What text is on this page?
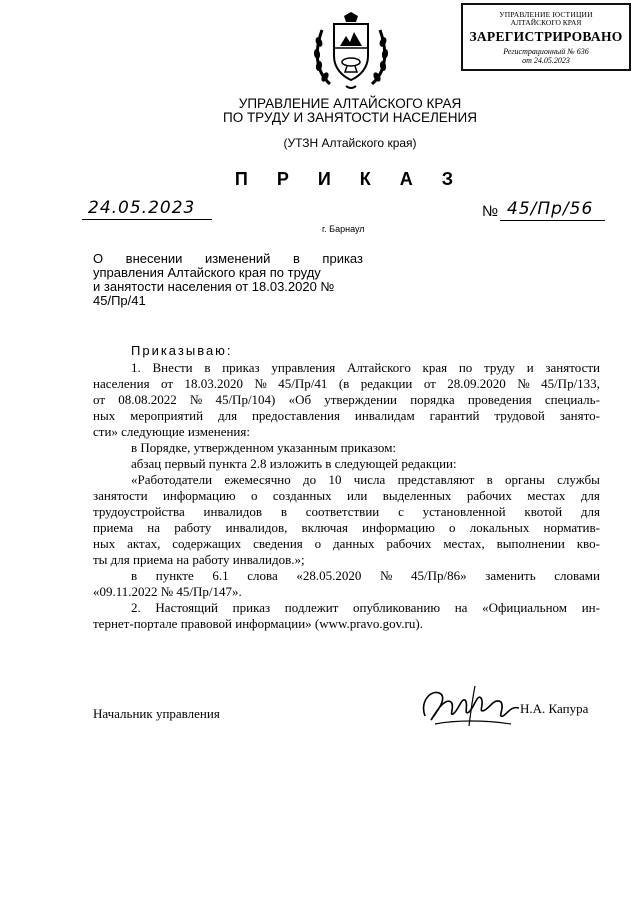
УПРАВЛЕНИЕ ЮСТИЦИИ
АЛТАЙСКОГО КРАЯ
ЗАРЕГИСТРИРОВАНО
Регистрационный № 636
от 24.05.2023
УПРАВЛЕНИЕ АЛТАЙСКОГО КРАЯ
ПО ТРУДУ И ЗАНЯТОСТИ НАСЕЛЕНИЯ
(УТЗН Алтайского края)
П Р И К А З
24.05.2023	№ 45/Пр/56
г. Барнаул
О внесении изменений в приказ
управления Алтайского края по труду
и занятости населения от 18.03.2020 №
45/Пр/41
Приказываю:
1. Внести в приказ управления Алтайского края по труду и занятости
населения от 18.03.2020 № 45/Пр/41 (в редакции от 28.09.2020 № 45/Пр/133,
от 08.08.2022 № 45/Пр/104) «Об утверждении порядка проведения специаль-
ных мероприятий для предоставления инвалидам гарантий трудовой занято-
сти» следующие изменения:
в Порядке, утвержденном указанным приказом:
абзац первый пункта 2.8 изложить в следующей редакции:
«Работодатели ежемесячно до 10 числа представляют в органы службы
занятости информацию о созданных или выделенных рабочих местах для
трудоустройства инвалидов в соответствии с установленной квотой для
приема на работу инвалидов, включая информацию о локальных норматив-
ных актах, содержащих сведения о данных рабочих местах, выполнении кво-
ты для приема на работу инвалидов.»;
в пункте 6.1 слова «28.05.2020 № 45/Пр/86» заменить словами
«09.11.2022 № 45/Пр/147».
2. Настоящий приказ подлежит опубликованию на «Официальном ин-
тернет-портале правовой информации» (www.pravo.gov.ru).
Начальник управления	Н.А. Капура
